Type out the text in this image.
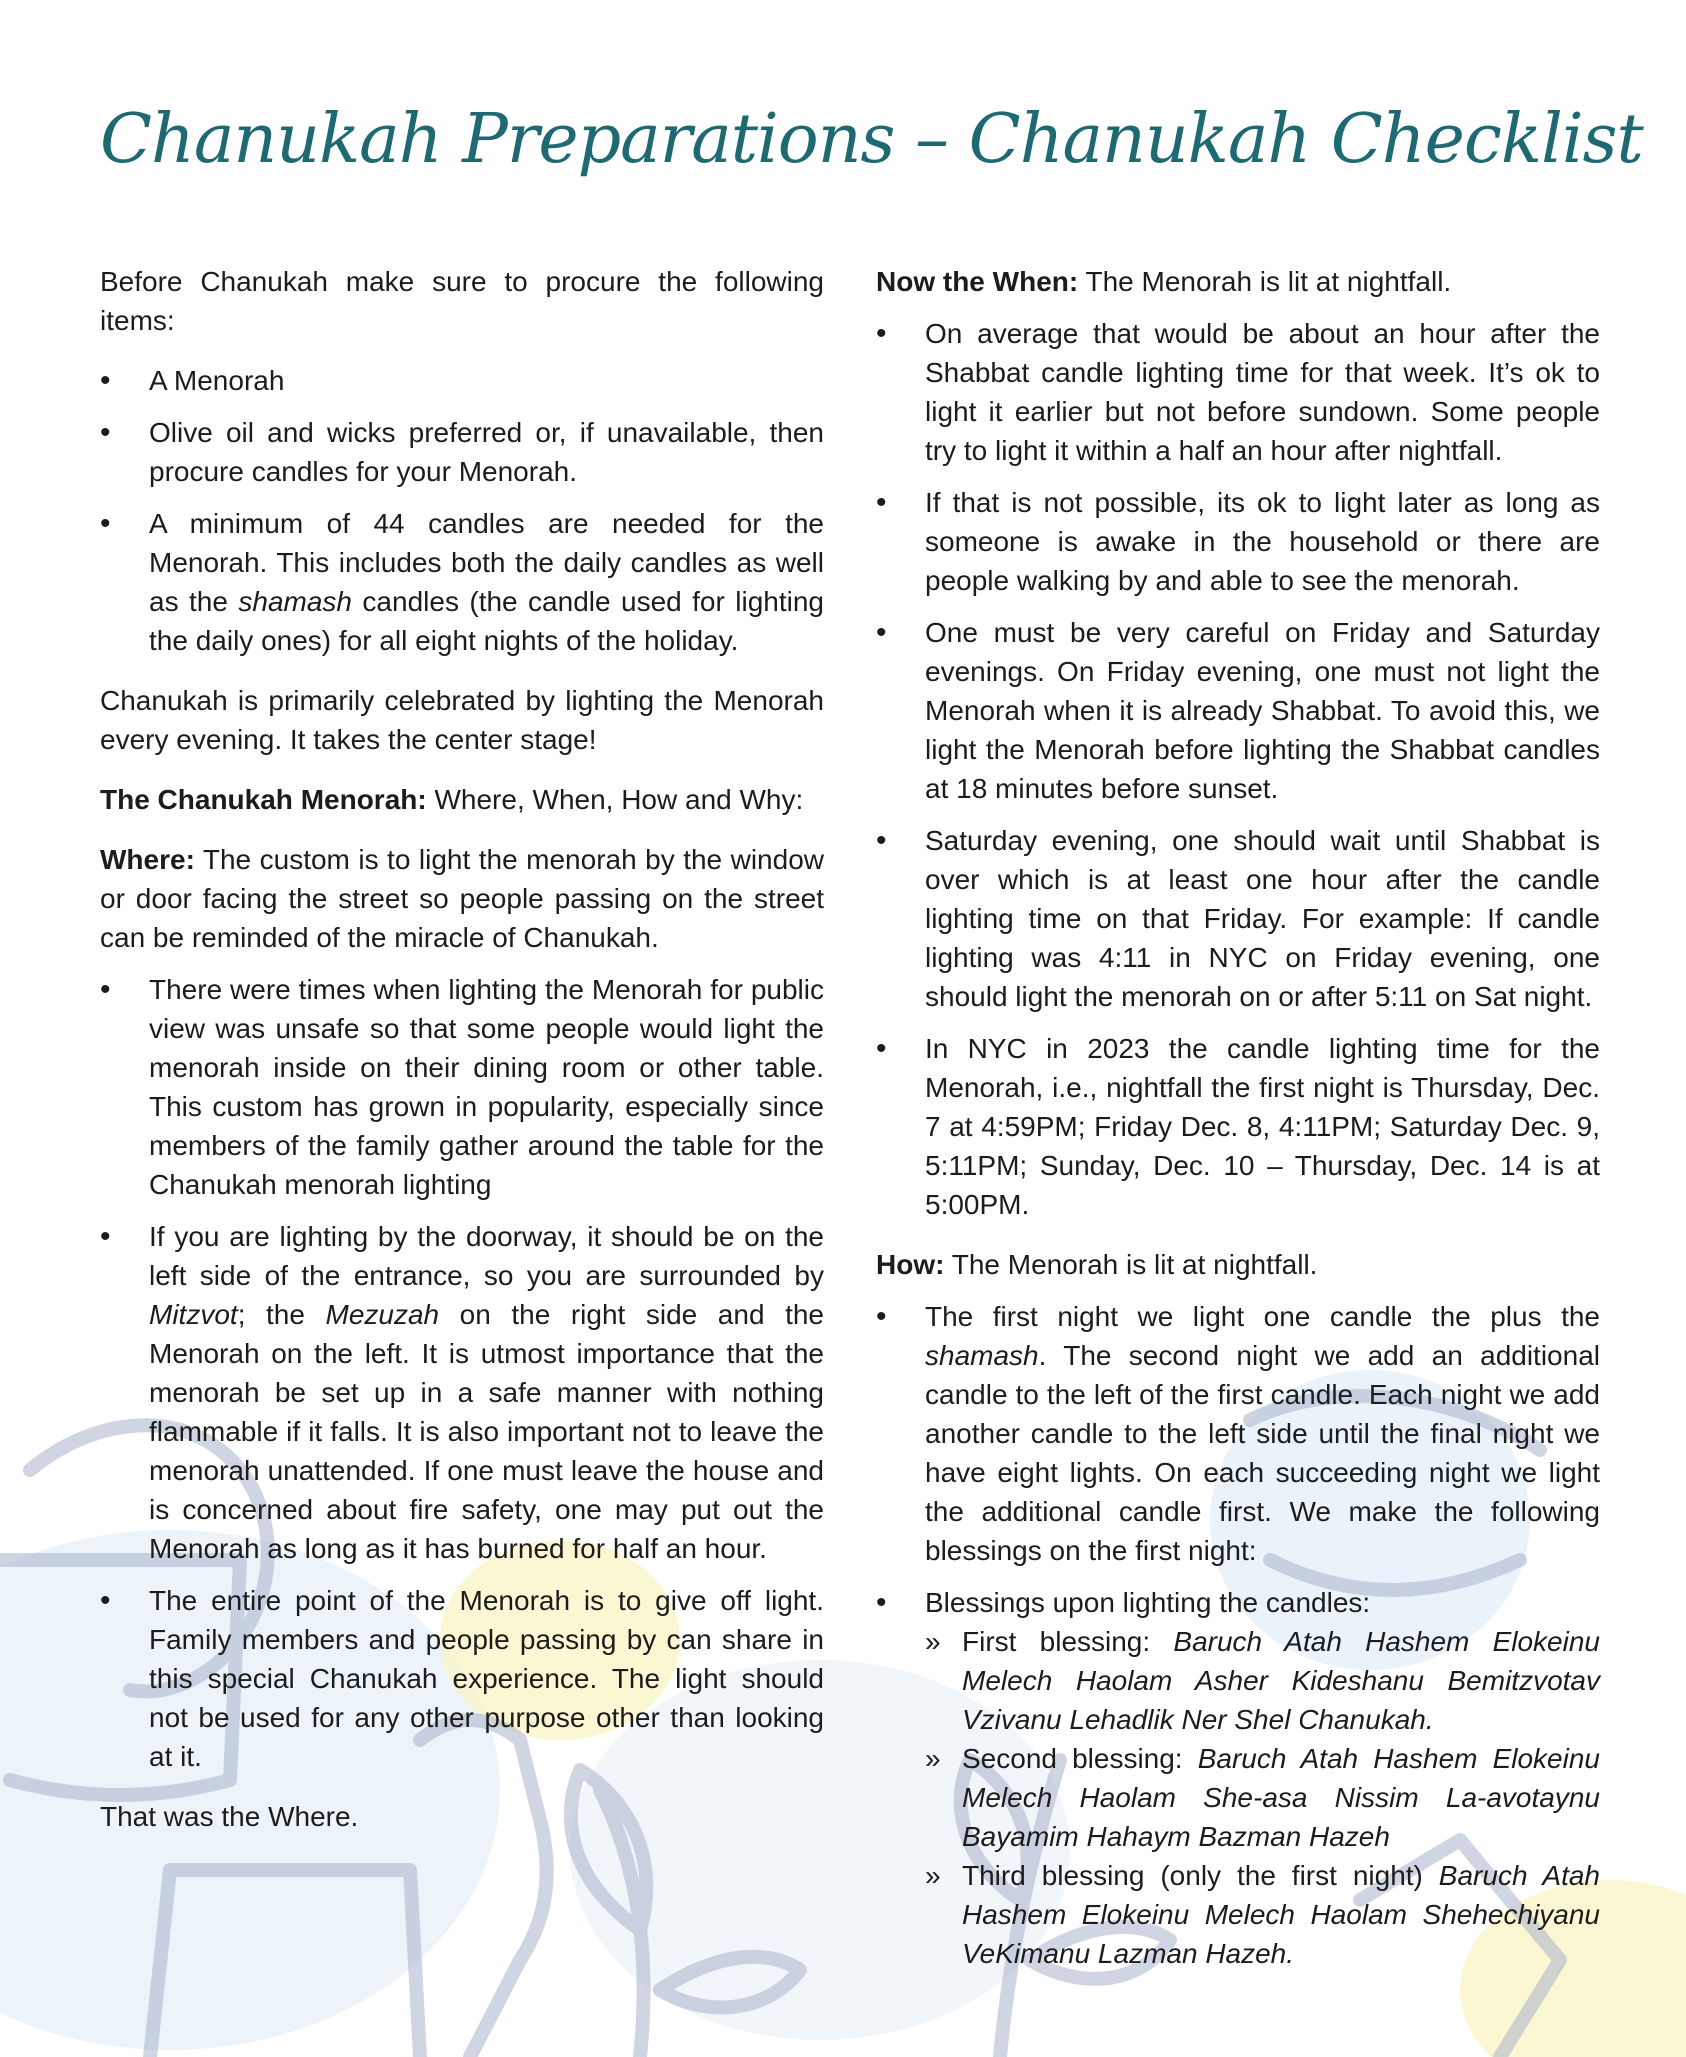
Chanukah Preparations – Chanukah Checklist

Before Chanukah make sure to procure the following items:

• A Menorah
• Olive oil and wicks preferred or, if unavailable, then procure candles for your Menorah.
• A minimum of 44 candles are needed for the Menorah. This includes both the daily candles as well as the shamash candles (the candle used for lighting the daily ones) for all eight nights of the holiday.

Chanukah is primarily celebrated by lighting the Menorah every evening. It takes the center stage!

The Chanukah Menorah: Where, When, How and Why:

Where: The custom is to light the menorah by the window or door facing the street so people passing on the street can be reminded of the miracle of Chanukah.

• There were times when lighting the Menorah for public view was unsafe so that some people would light the menorah inside on their dining room or other table. This custom has grown in popularity, especially since members of the family gather around the table for the Chanukah menorah lighting
• If you are lighting by the doorway, it should be on the left side of the entrance, so you are surrounded by Mitzvot; the Mezuzah on the right side and the Menorah on the left. It is utmost importance that the menorah be set up in a safe manner with nothing flammable if it falls. It is also important not to leave the menorah unattended. If one must leave the house and is concerned about fire safety, one may put out the Menorah as long as it has burned for half an hour.
• The entire point of the Menorah is to give off light. Family members and people passing by can share in this special Chanukah experience. The light should not be used for any other purpose other than looking at it.

That was the Where.

Now the When: The Menorah is lit at nightfall.

• On average that would be about an hour after the Shabbat candle lighting time for that week. It’s ok to light it earlier but not before sundown. Some people try to light it within a half an hour after nightfall.
• If that is not possible, its ok to light later as long as someone is awake in the household or there are people walking by and able to see the menorah.
• One must be very careful on Friday and Saturday evenings. On Friday evening, one must not light the Menorah when it is already Shabbat. To avoid this, we light the Menorah before lighting the Shabbat candles at 18 minutes before sunset.
• Saturday evening, one should wait until Shabbat is over which is at least one hour after the candle lighting time on that Friday. For example: If candle lighting was 4:11 in NYC on Friday evening, one should light the menorah on or after 5:11 on Sat night.
• In NYC in 2023 the candle lighting time for the Menorah, i.e., nightfall the first night is Thursday, Dec. 7 at 4:59PM; Friday Dec. 8, 4:11PM; Saturday Dec. 9, 5:11PM; Sunday, Dec. 10 – Thursday, Dec. 14 is at 5:00PM.

How: The Menorah is lit at nightfall.

• The first night we light one candle the plus the shamash. The second night we add an additional candle to the left of the first candle. Each night we add another candle to the left side until the final night we have eight lights. On each succeeding night we light the additional candle first. We make the following blessings on the first night:
• Blessings upon lighting the candles:
» First blessing: Baruch Atah Hashem Elokeinu Melech Haolam Asher Kideshanu Bemitzvotav Vzivanu Lehadlik Ner Shel Chanukah.
» Second blessing: Baruch Atah Hashem Elokeinu Melech Haolam She-asa Nissim La-avotaynu Bayamim Hahaym Bazman Hazeh
» Third blessing (only the first night) Baruch Atah Hashem Elokeinu Melech Haolam Shehechiyanu VeKimanu Lazman Hazeh.
